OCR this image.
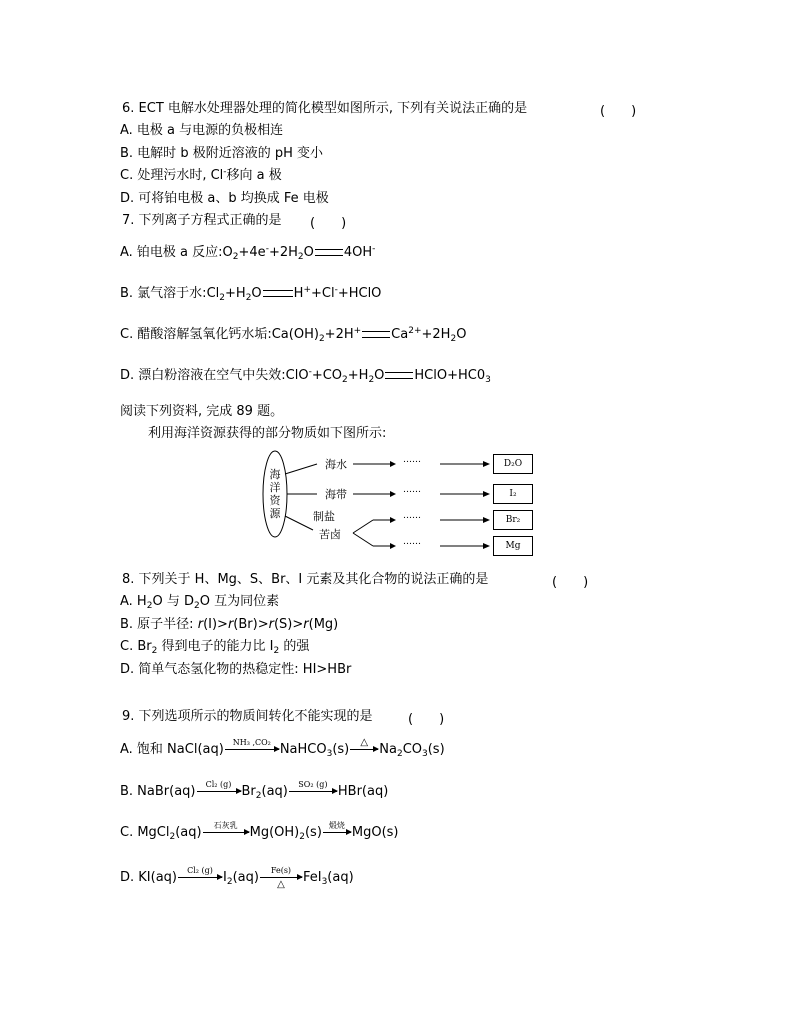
6. ECT 电解水处理器处理的简化模型如图所示, 下列有关说法正确的是	(　　)
A. 电极 a 与电源的负极相连
B. 电解时 b 极附近溶液的 pH 变小
C. 处理污水时, Cl-移向 a 极
D. 可将铂电极 a、b 均换成 Fe 电极
7. 下列离子方程式正确的是 (　　)
A. 铂电极 a 反应$:O_2+4e^-+2H_2O$ 4OH-
B. 氯气溶于水$:Cl_2+H_2O$ H++Cl-+HClO
C. 醋酸溶解氢氧化钙水垢$:Ca(OH)_2+2H^+$ $Ca^{2+}+2H_2O$
D. 漂白粉溶液在空气中失效$:ClO^-+CO_2+H_2O$ $HClO+HC0_3$
阅读下列资料, 完成 89 题。
利用海洋资源获得的部分物质如下图所示:
海
洋
资
源
海水
海带
制盐
苦卤
……
……
……
……
D₂O
I₂
Br₂
Mg
8. 下列关于 H、Mg、S、Br、I 元素及其化合物的说法正确的是	(　　)
A. $H_2O$ 与 $D_2O$ 互为同位素
B. 原子半径: r(I)>r(Br)>r(S)>r(Mg)
C. $Br_2$ 得到电子的能力比 $I_2$ 的强
D. 简单气态氢化物的热稳定性: HI>HBr
9. 下列选项所示的物质间转化不能实现的是	(　　)
A. 饱和 NaCl(aq)	NH₃ ,CO₂ NaHCO$_3$(s)	△ $Na_2CO_3(s)$
B. NaBr(aq)	Cl₂ (g) $Br_2(aq)$	SO₂ (g) HBr(aq)
C. MgCl$_2$(aq)	石灰乳 $Mg(OH)_2(s)$ 煅烧 MgO(s)
D. KI(aq)	Cl₂ (g) $I_2(aq)$	Fe(s)
△	FeI$_3$(aq)
